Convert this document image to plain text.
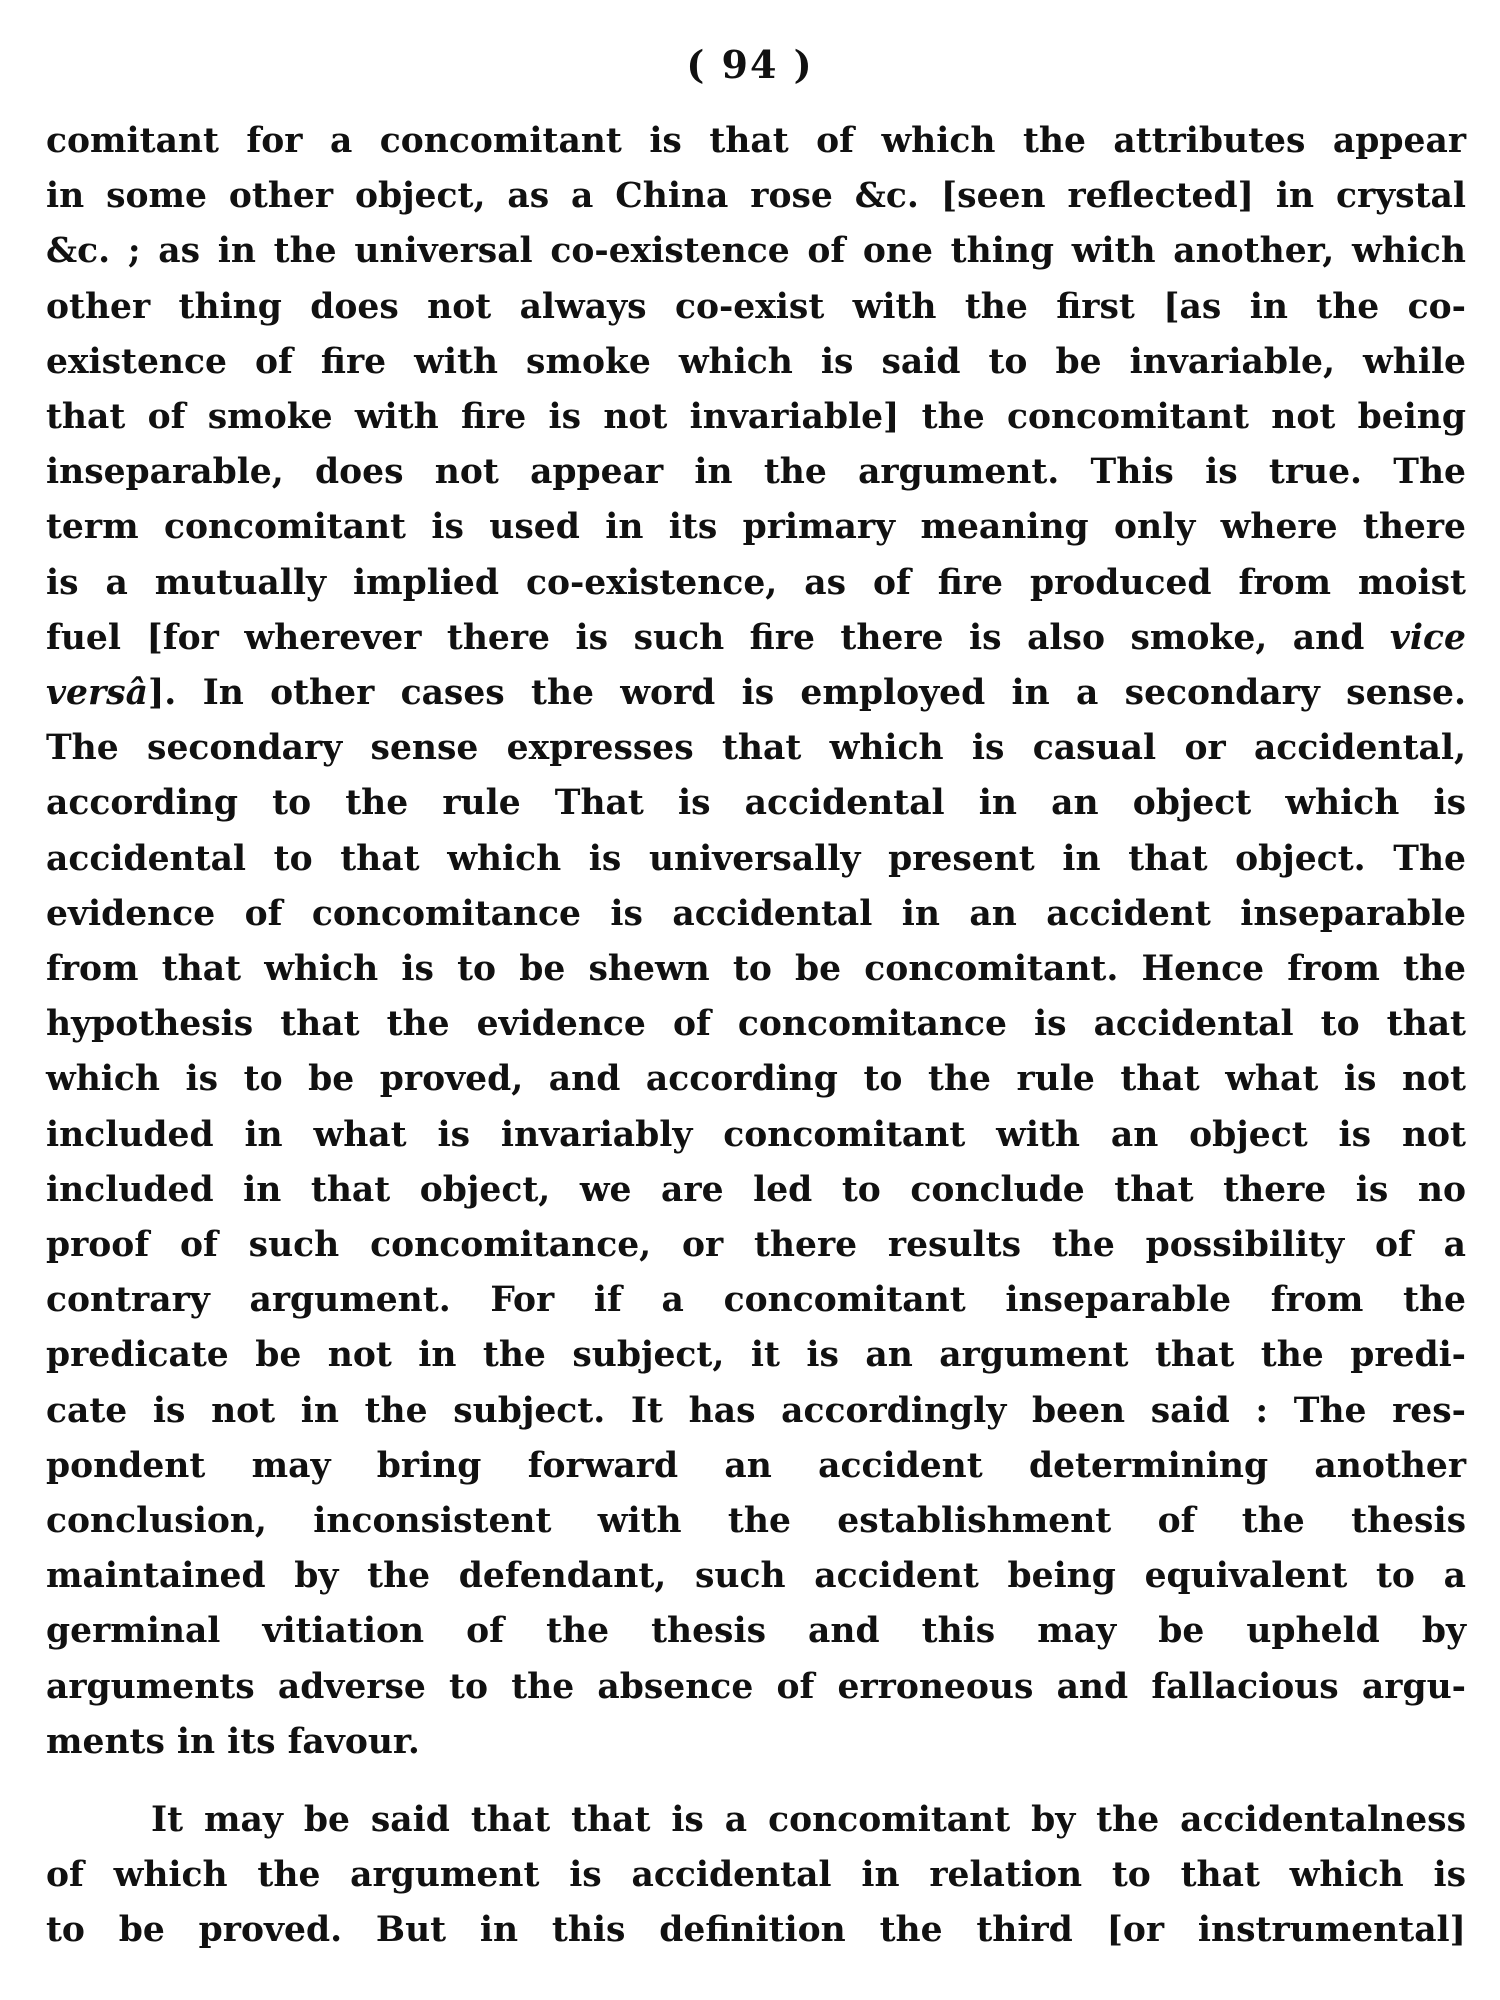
( 94 )
comitant for a concomitant is that of which the attributes appear
in some other object, as a China rose &c. [seen reflected] in crystal
&c. ; as in the universal co-existence of one thing with another, which
other thing does not always co-exist with the first [as in the co-
existence of fire with smoke which is said to be invariable, while
that of smoke with fire is not invariable] the concomitant not being
inseparable, does not appear in the argument. This is true. The
term concomitant is used in its primary meaning only where there
is a mutually implied co-existence, as of fire produced from moist
fuel [for wherever there is such fire there is also smoke, and vice
versâ]. In other cases the word is employed in a secondary sense.
The secondary sense expresses that which is casual or accidental,
according to the rule That is accidental in an object which is
accidental to that which is universally present in that object. The
evidence of concomitance is accidental in an accident inseparable
from that which is to be shewn to be concomitant. Hence from the
hypothesis that the evidence of concomitance is accidental to that
which is to be proved, and according to the rule that what is not
included in what is invariably concomitant with an object is not
included in that object, we are led to conclude that there is no
proof of such concomitance, or there results the possibility of a
contrary argument. For if a concomitant inseparable from the
predicate be not in the subject, it is an argument that the predi-
cate is not in the subject. It has accordingly been said : The res-
pondent may bring forward an accident determining another
conclusion, inconsistent with the establishment of the thesis
maintained by the defendant, such accident being equivalent to a
germinal vitiation of the thesis and this may be upheld by
arguments adverse to the absence of erroneous and fallacious argu-
ments in its favour.
It may be said that that is a concomitant by the accidentalness
of which the argument is accidental in relation to that which is
to be proved. But in this definition the third [or instrumental]
